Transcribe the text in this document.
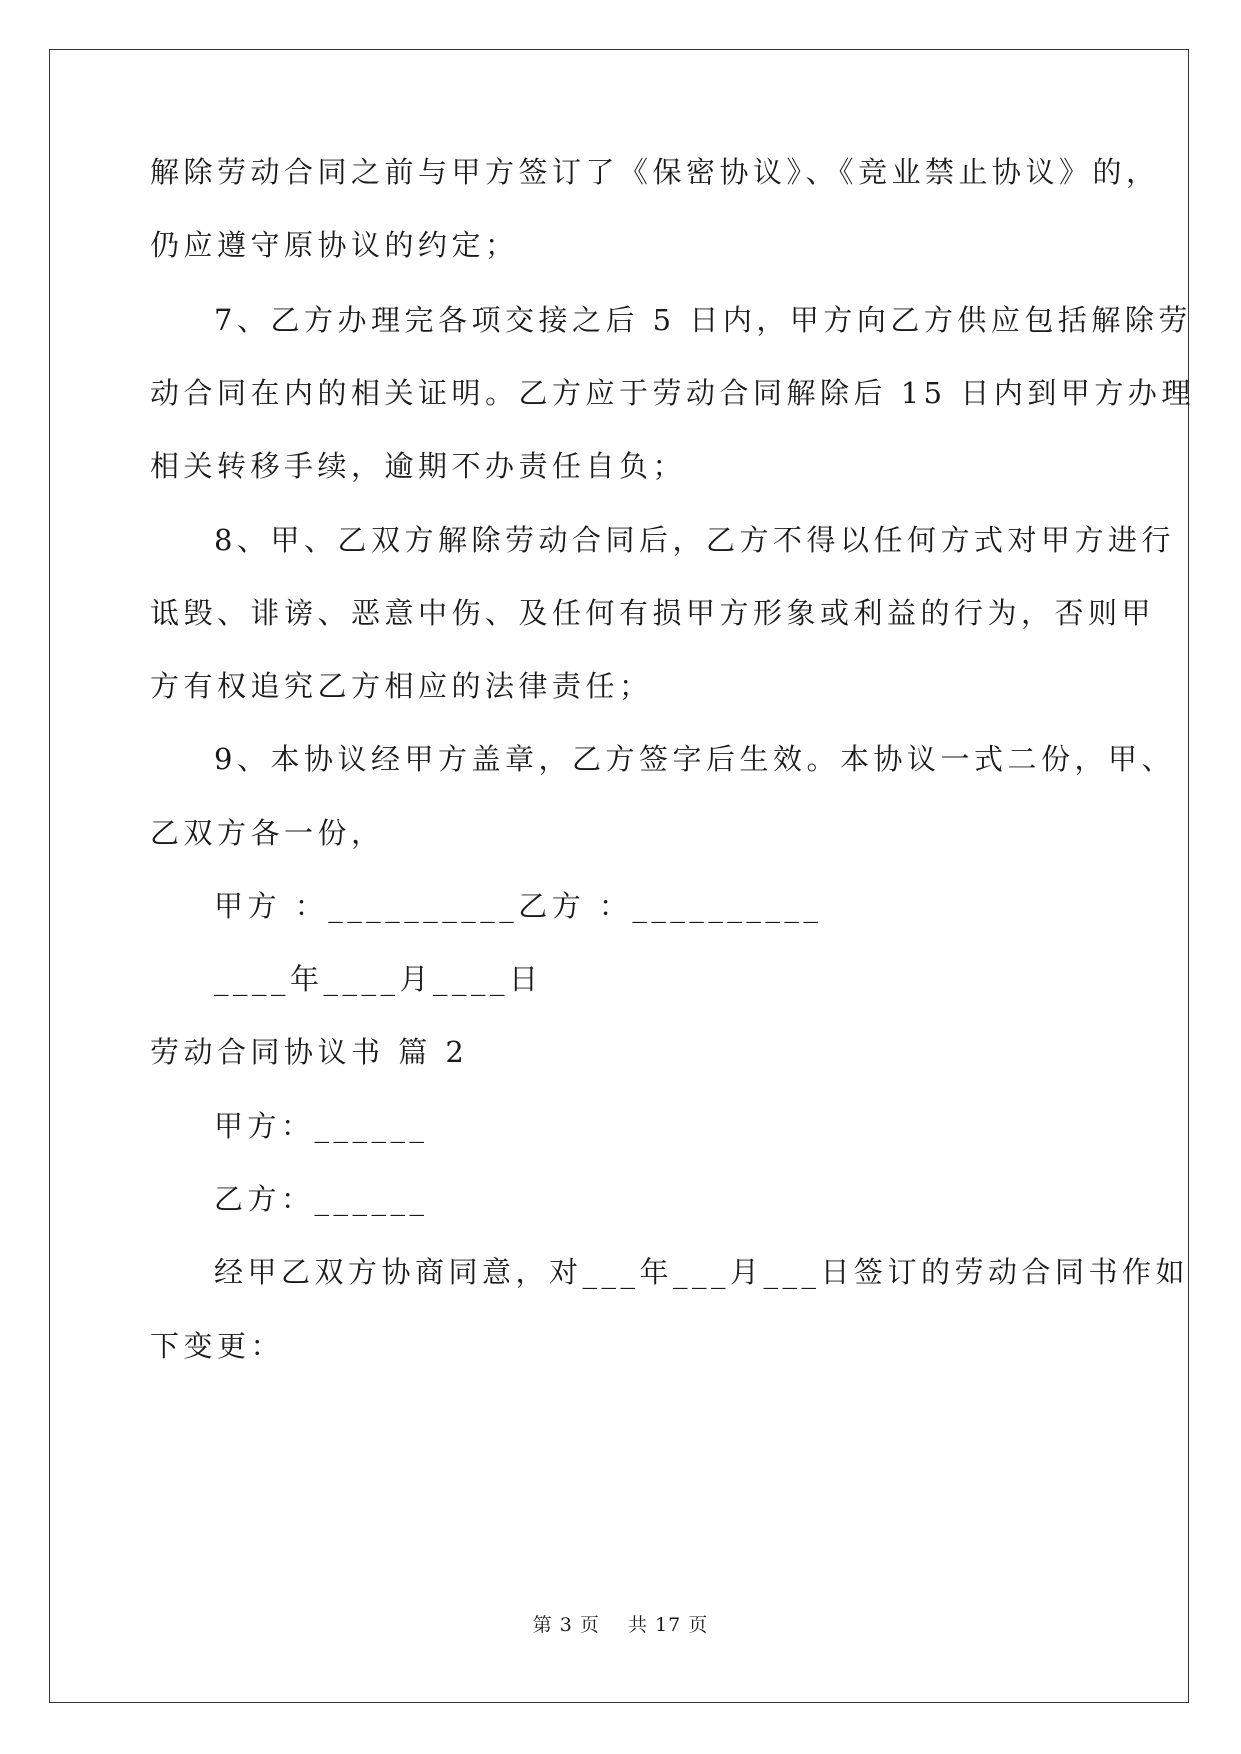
解除劳动合同之前与甲方签订了《保密协议》、《竞业禁止协议》的，
仍应遵守原协议的约定；
7、乙方办理完各项交接之后 5 日内，甲方向乙方供应包括解除劳
动合同在内的相关证明。乙方应于劳动合同解除后 15 日内到甲方办理
相关转移手续，逾期不办责任自负；
8、甲、乙双方解除劳动合同后，乙方不得以任何方式对甲方进行
诋毁、诽谤、恶意中伤、及任何有损甲方形象或利益的行为，否则甲
方有权追究乙方相应的法律责任；
9、本协议经甲方盖章，乙方签字后生效。本协议一式二份，甲、
乙双方各一份，
甲方 ：__________乙方 ：__________
____年____月____日
劳动合同协议书 篇 2
甲方：______
乙方：______
经甲乙双方协商同意，对___年___月___日签订的劳动合同书作如
下变更：
第 3 页    共 17 页
